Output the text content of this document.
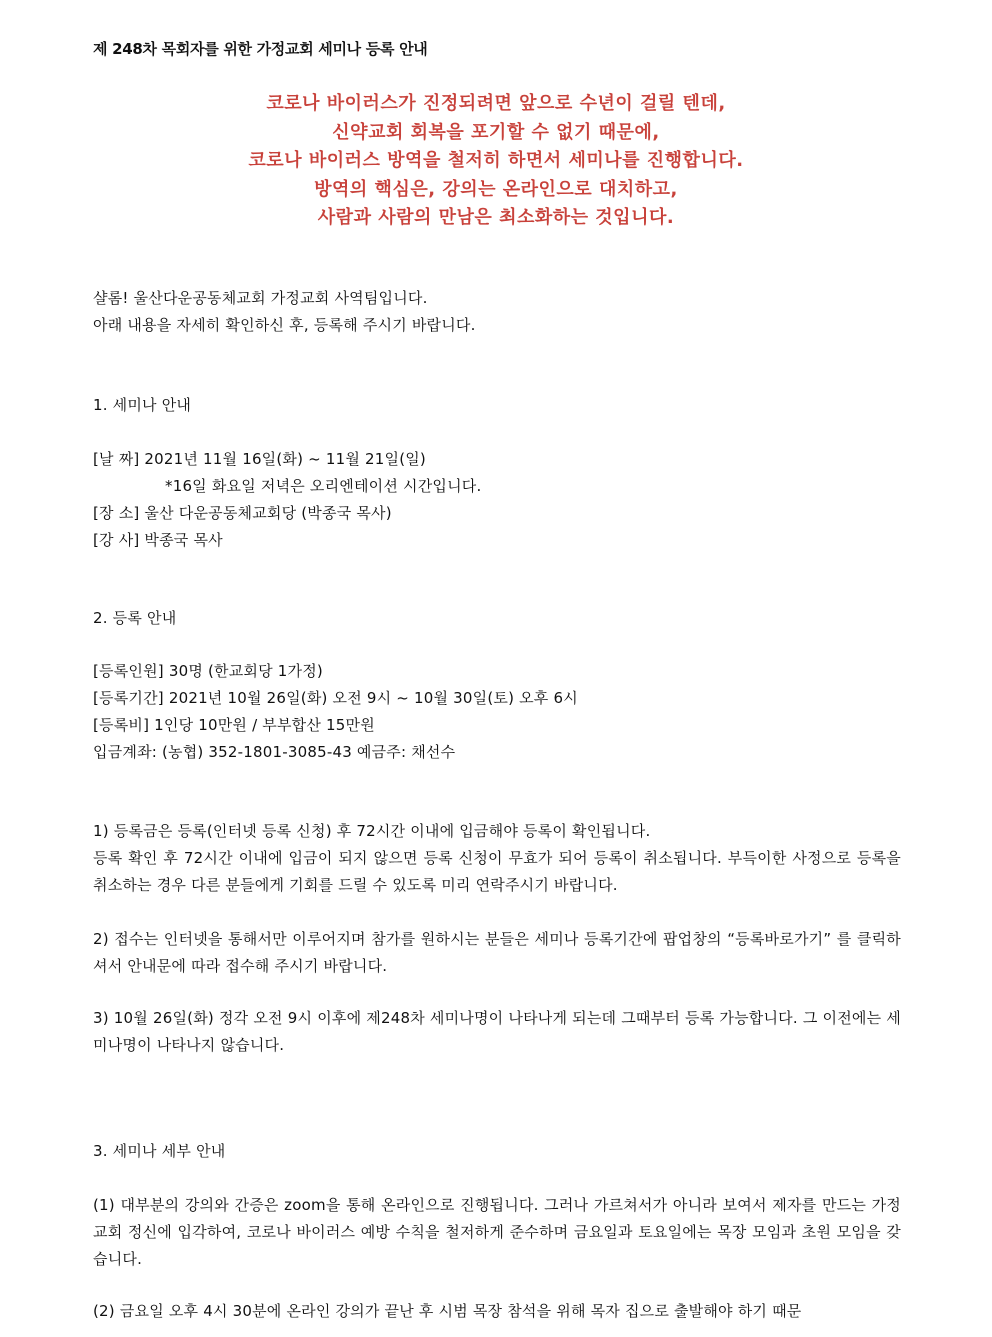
제 248차 목회자를 위한 가정교회 세미나 등록 안내
코로나 바이러스가 진정되려면 앞으로 수년이 걸릴 텐데,
신약교회 회복을 포기할 수 없기 때문에,
코로나 바이러스 방역을 철저히 하면서 세미나를 진행합니다.
방역의 핵심은, 강의는 온라인으로 대치하고,
사람과 사람의 만남은 최소화하는 것입니다.
샬롬! 울산다운공동체교회 가정교회 사역팀입니다.
아래 내용을 자세히 확인하신 후, 등록해 주시기 바랍니다.
1. 세미나 안내
[날 짜] 2021년 11월 16일(화) ~ 11월 21일(일)
*16일 화요일 저녁은 오리엔테이션 시간입니다.
[장 소] 울산 다운공동체교회당 (박종국 목사)
[강 사] 박종국 목사
2. 등록 안내
[등록인원] 30명 (한교회당 1가정)
[등록기간] 2021년 10월 26일(화) 오전 9시 ~ 10월 30일(토) 오후 6시
[등록비] 1인당 10만원 / 부부합산 15만원
입금계좌: (농협) 352-1801-3085-43 예금주: 채선수
1) 등록금은 등록(인터넷 등록 신청) 후 72시간 이내에 입금해야 등록이 확인됩니다.
등록 확인 후 72시간 이내에 입금이 되지 않으면 등록 신청이 무효가 되어 등록이 취소됩니다. 부득이한 사정으로 등록을 취소하는 경우 다른 분들에게 기회를 드릴 수 있도록 미리 연락주시기 바랍니다.
2) 접수는 인터넷을 통해서만 이루어지며 참가를 원하시는 분들은 세미나 등록기간에 팝업창의 “등록바로가기” 를 클릭하셔서 안내문에 따라 접수해 주시기 바랍니다.
3) 10월 26일(화) 정각 오전 9시 이후에 제248차 세미나명이 나타나게 되는데 그때부터 등록 가능합니다. 그 이전에는 세미나명이 나타나지 않습니다.
3. 세미나 세부 안내
(1) 대부분의 강의와 간증은 zoom을 통해 온라인으로 진행됩니다. 그러나 가르쳐서가 아니라 보여서 제자를 만드는 가정교회 정신에 입각하여, 코로나 바이러스 예방 수칙을 철저하게 준수하며 금요일과 토요일에는 목장 모임과 초원 모임을 갖습니다.
(2) 금요일 오후 4시 30분에 온라인 강의가 끝난 후 시범 목장 참석을 위해 목자 집으로 출발해야 하기 때문
